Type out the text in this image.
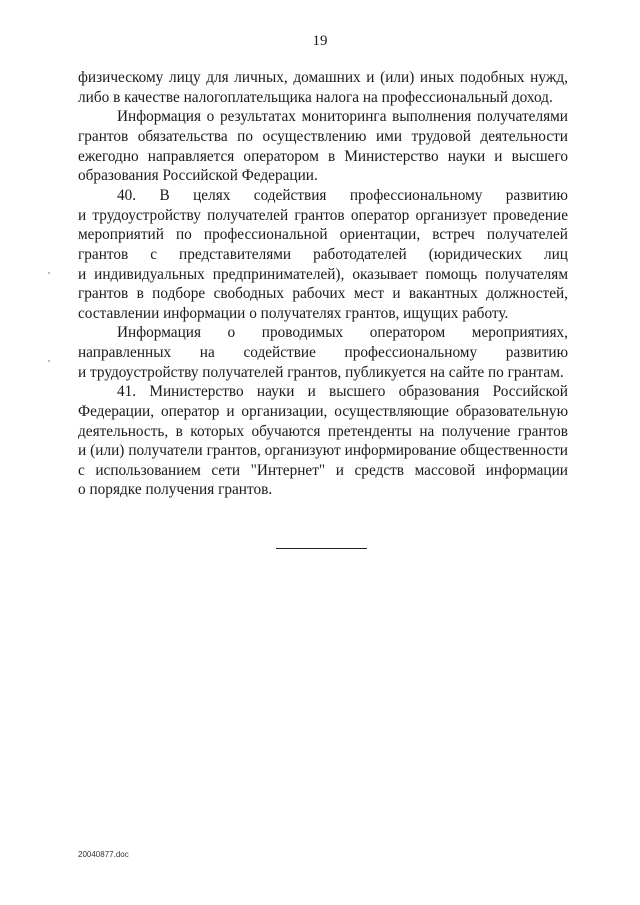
19
физическому лицу для личных, домашних и (или) иных подобных нужд,
либо в качестве налогоплательщика налога на профессиональный доход.
Информация о результатах мониторинга выполнения получателями
грантов обязательства по осуществлению ими трудовой деятельности
ежегодно направляется оператором в Министерство науки и высшего
образования Российской Федерации.
40. В целях содействия профессиональному развитию
и трудоустройству получателей грантов оператор организует проведение
мероприятий по профессиональной ориентации, встреч получателей
грантов с представителями работодателей (юридических лиц
и индивидуальных предпринимателей), оказывает помощь получателям
грантов в подборе свободных рабочих мест и вакантных должностей,
составлении информации о получателях грантов, ищущих работу.
Информация о проводимых оператором мероприятиях,
направленных на содействие профессиональному развитию
и трудоустройству получателей грантов, публикуется на сайте по грантам.
41. Министерство науки и высшего образования Российской
Федерации, оператор и организации, осуществляющие образовательную
деятельность, в которых обучаются претенденты на получение грантов
и (или) получатели грантов, организуют информирование общественности
с использованием сети "Интернет" и средств массовой информации
о порядке получения грантов.
20040877.doc
